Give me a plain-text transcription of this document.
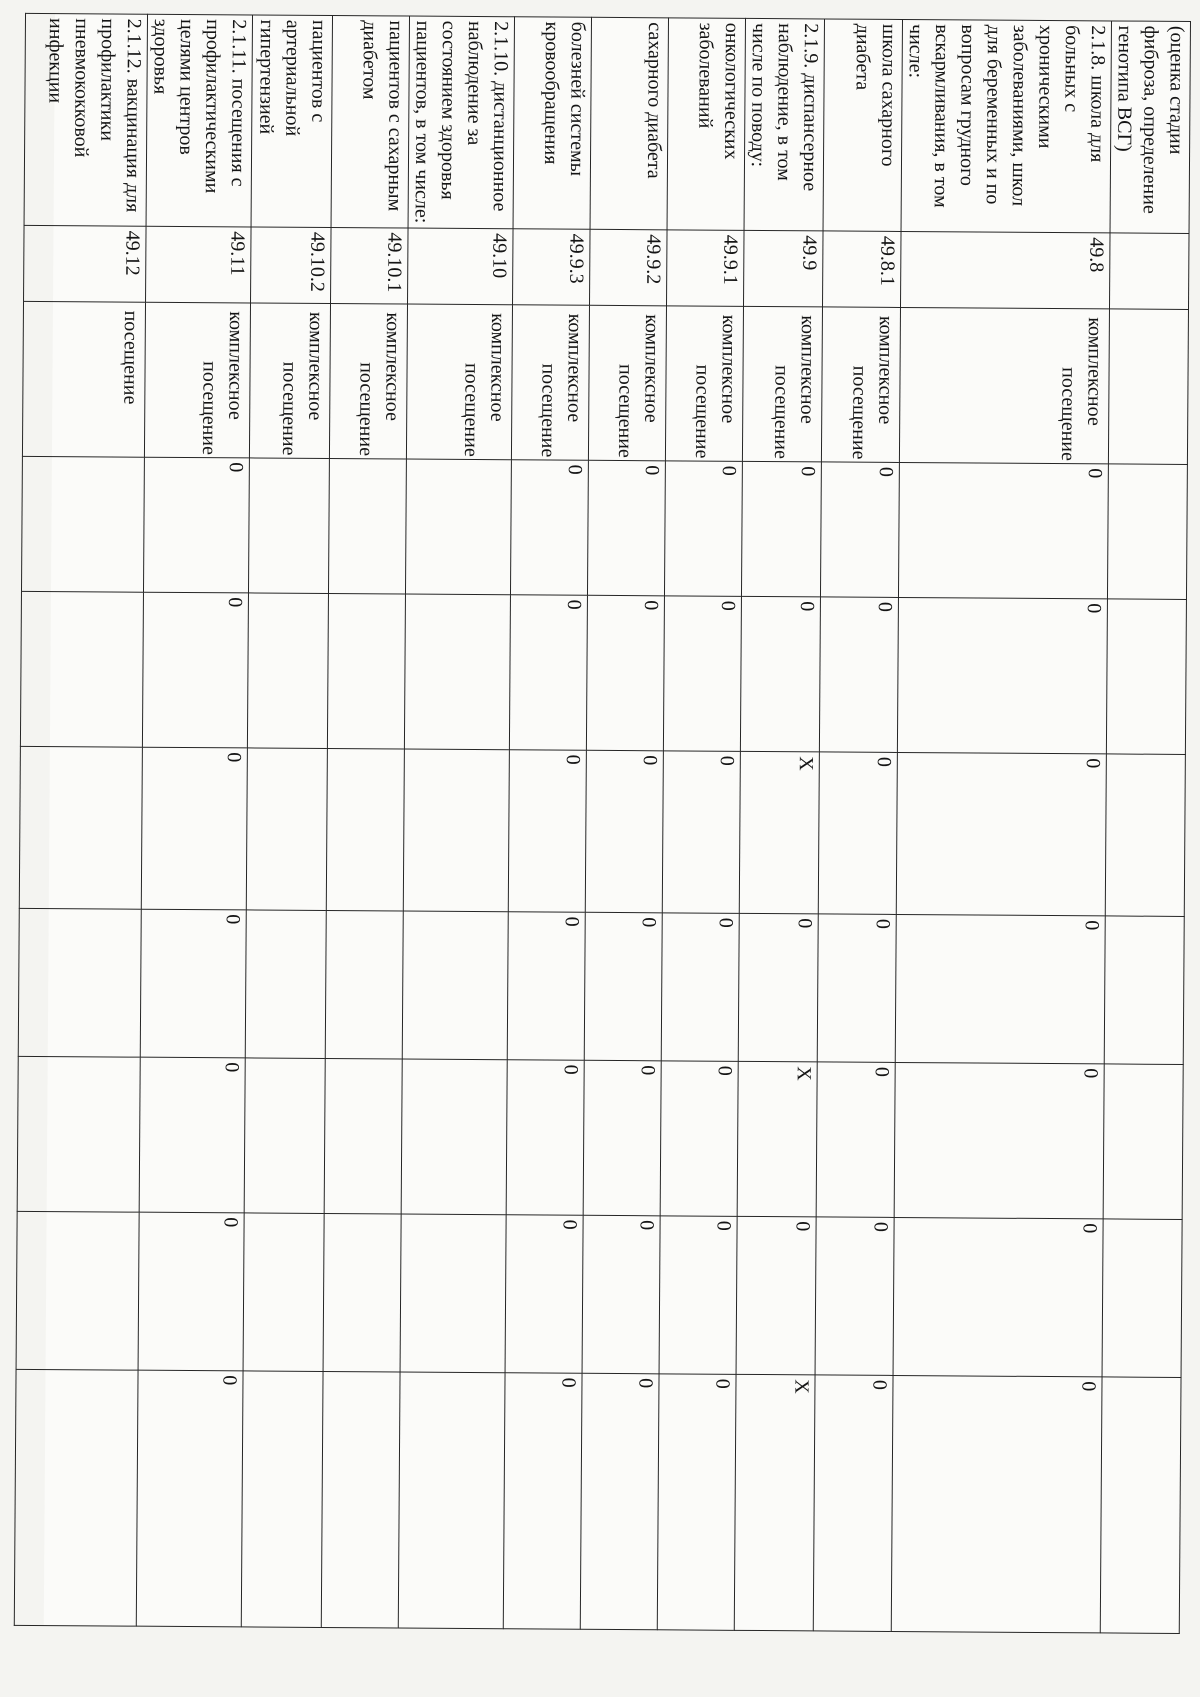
(оценка стадии фиброза, определение генотипа ВСГ)									
2.1.8. школа для больных с хроническими заболеваниями, школ для беременных и по вопросам грудного вскармливания, в том числе:	49.8	комплексное
посещение	0	0	0	0	0	0	0
школа сахарного диабета	49.8.1	комплексное
посещение	0	0	0	0	0	0	0
2.1.9. диспансерное наблюдение, в том числе по поводу:	49.9	комплексное
посещение	0	0	X	0	X	0	X
онкологических заболеваний	49.9.1	комплексное
посещение	0	0	0	0	0	0	0
сахарного диабета	49.9.2	комплексное
посещение	0	0	0	0	0	0	0
болезней системы кровообращения	49.9.3	комплексное
посещение	0	0	0	0	0	0	0
2.1.10. дистанционное наблюдение за состоянием здоровья пациентов, в том числе:	49.10	комплексное
посещение							

пациентов с сахарным диабетом	49.10.1	комплексное
посещение							

пациентов с артериальной гипертензией	49.10.2	комплексное
посещение							

2.1.11. посещения с профилактическими целями центров здоровья	49.11	комплексное
посещение	0	0	0	0	0	0	0
2.1.12. вакцинация для профилактики пневмококковой инфекции	49.12	посещение							
